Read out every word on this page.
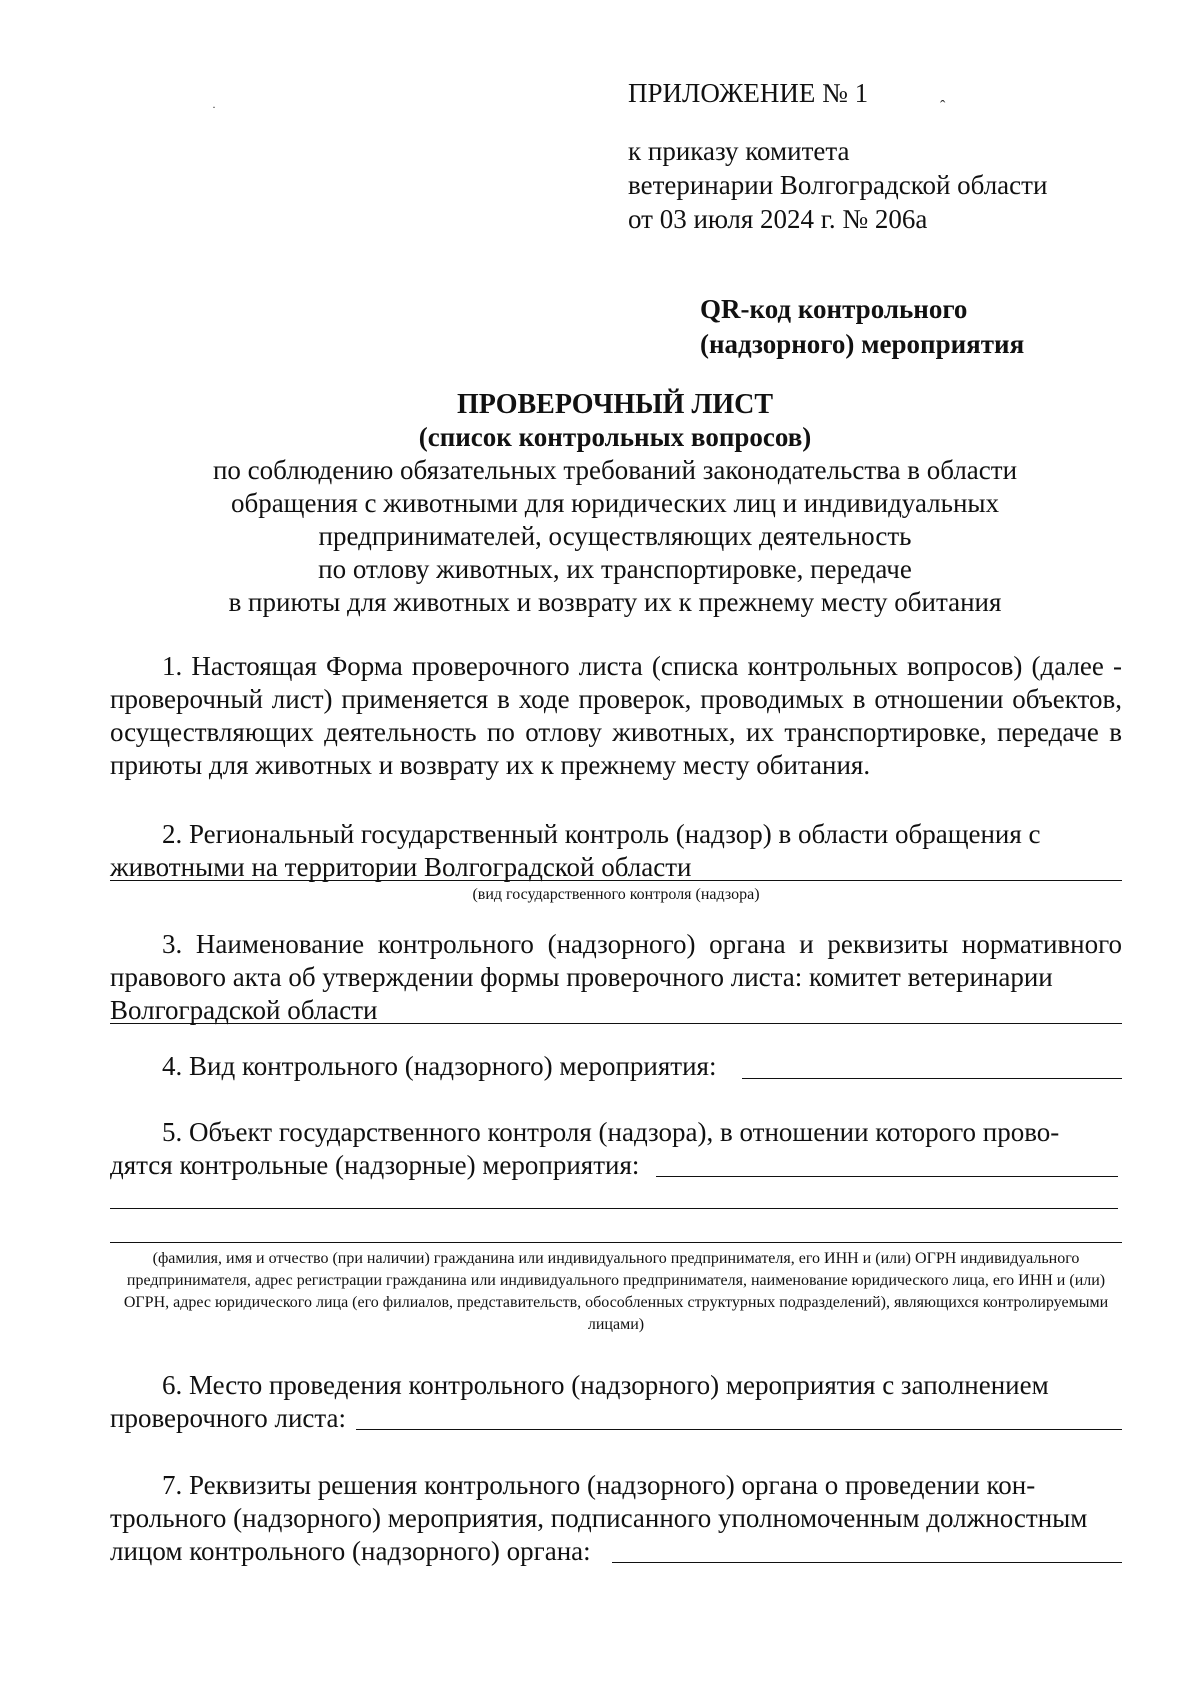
·	ˆ
ПРИЛОЖЕНИЕ № 1
к приказу комитета
ветеринарии Волгоградской области
от 03 июля 2024 г. № 206а
QR-код контрольного
(надзорного) мероприятия
ПРОВЕРОЧНЫЙ ЛИСТ
(список контрольных вопросов)
по соблюдению обязательных требований законодательства в области
обращения с животными для юридических лиц и индивидуальных
предпринимателей, осуществляющих деятельность
по отлову животных, их транспортировке, передаче
в приюты для животных и возврату их к прежнему месту обитания
1. Настоящая Форма проверочного листа (списка контрольных вопросов) (далее - проверочный лист) применяется в ходе проверок, проводимых в отношении объектов, осуществляющих деятельность по отлову животных, их транспортировке, передаче в приюты для животных и возврату их к прежнему месту обитания.
2. Региональный государственный контроль (надзор) в области обращения с
животными на территории Волгоградской области
(вид государственного контроля (надзора)
3. Наименование контрольного (надзорного) органа и реквизиты нормативного правового акта об утверждении формы проверочного листа: комитет ветеринарии
Волгоградской области
4. Вид контрольного (надзорного) мероприятия:
5. Объект государственного контроля (надзора), в отношении которого прово-
дятся контрольные (надзорные) мероприятия:
(фамилия, имя и отчество (при наличии) гражданина или индивидуального предпринимателя, его ИНН и (или) ОГРН индивидуального предпринимателя, адрес регистрации гражданина или индивидуального предпринимателя, наименование юридического лица, его ИНН и (или) ОГРН, адрес юридического лица (его филиалов, представительств, обособленных структурных подразделений), являющихся контролируемыми лицами)
6. Место проведения контрольного (надзорного) мероприятия с заполнением
проверочного листа:
7. Реквизиты решения контрольного (надзорного) органа о проведении кон-
трольного (надзорного) мероприятия, подписанного уполномоченным должностным
лицом контрольного (надзорного) органа:
